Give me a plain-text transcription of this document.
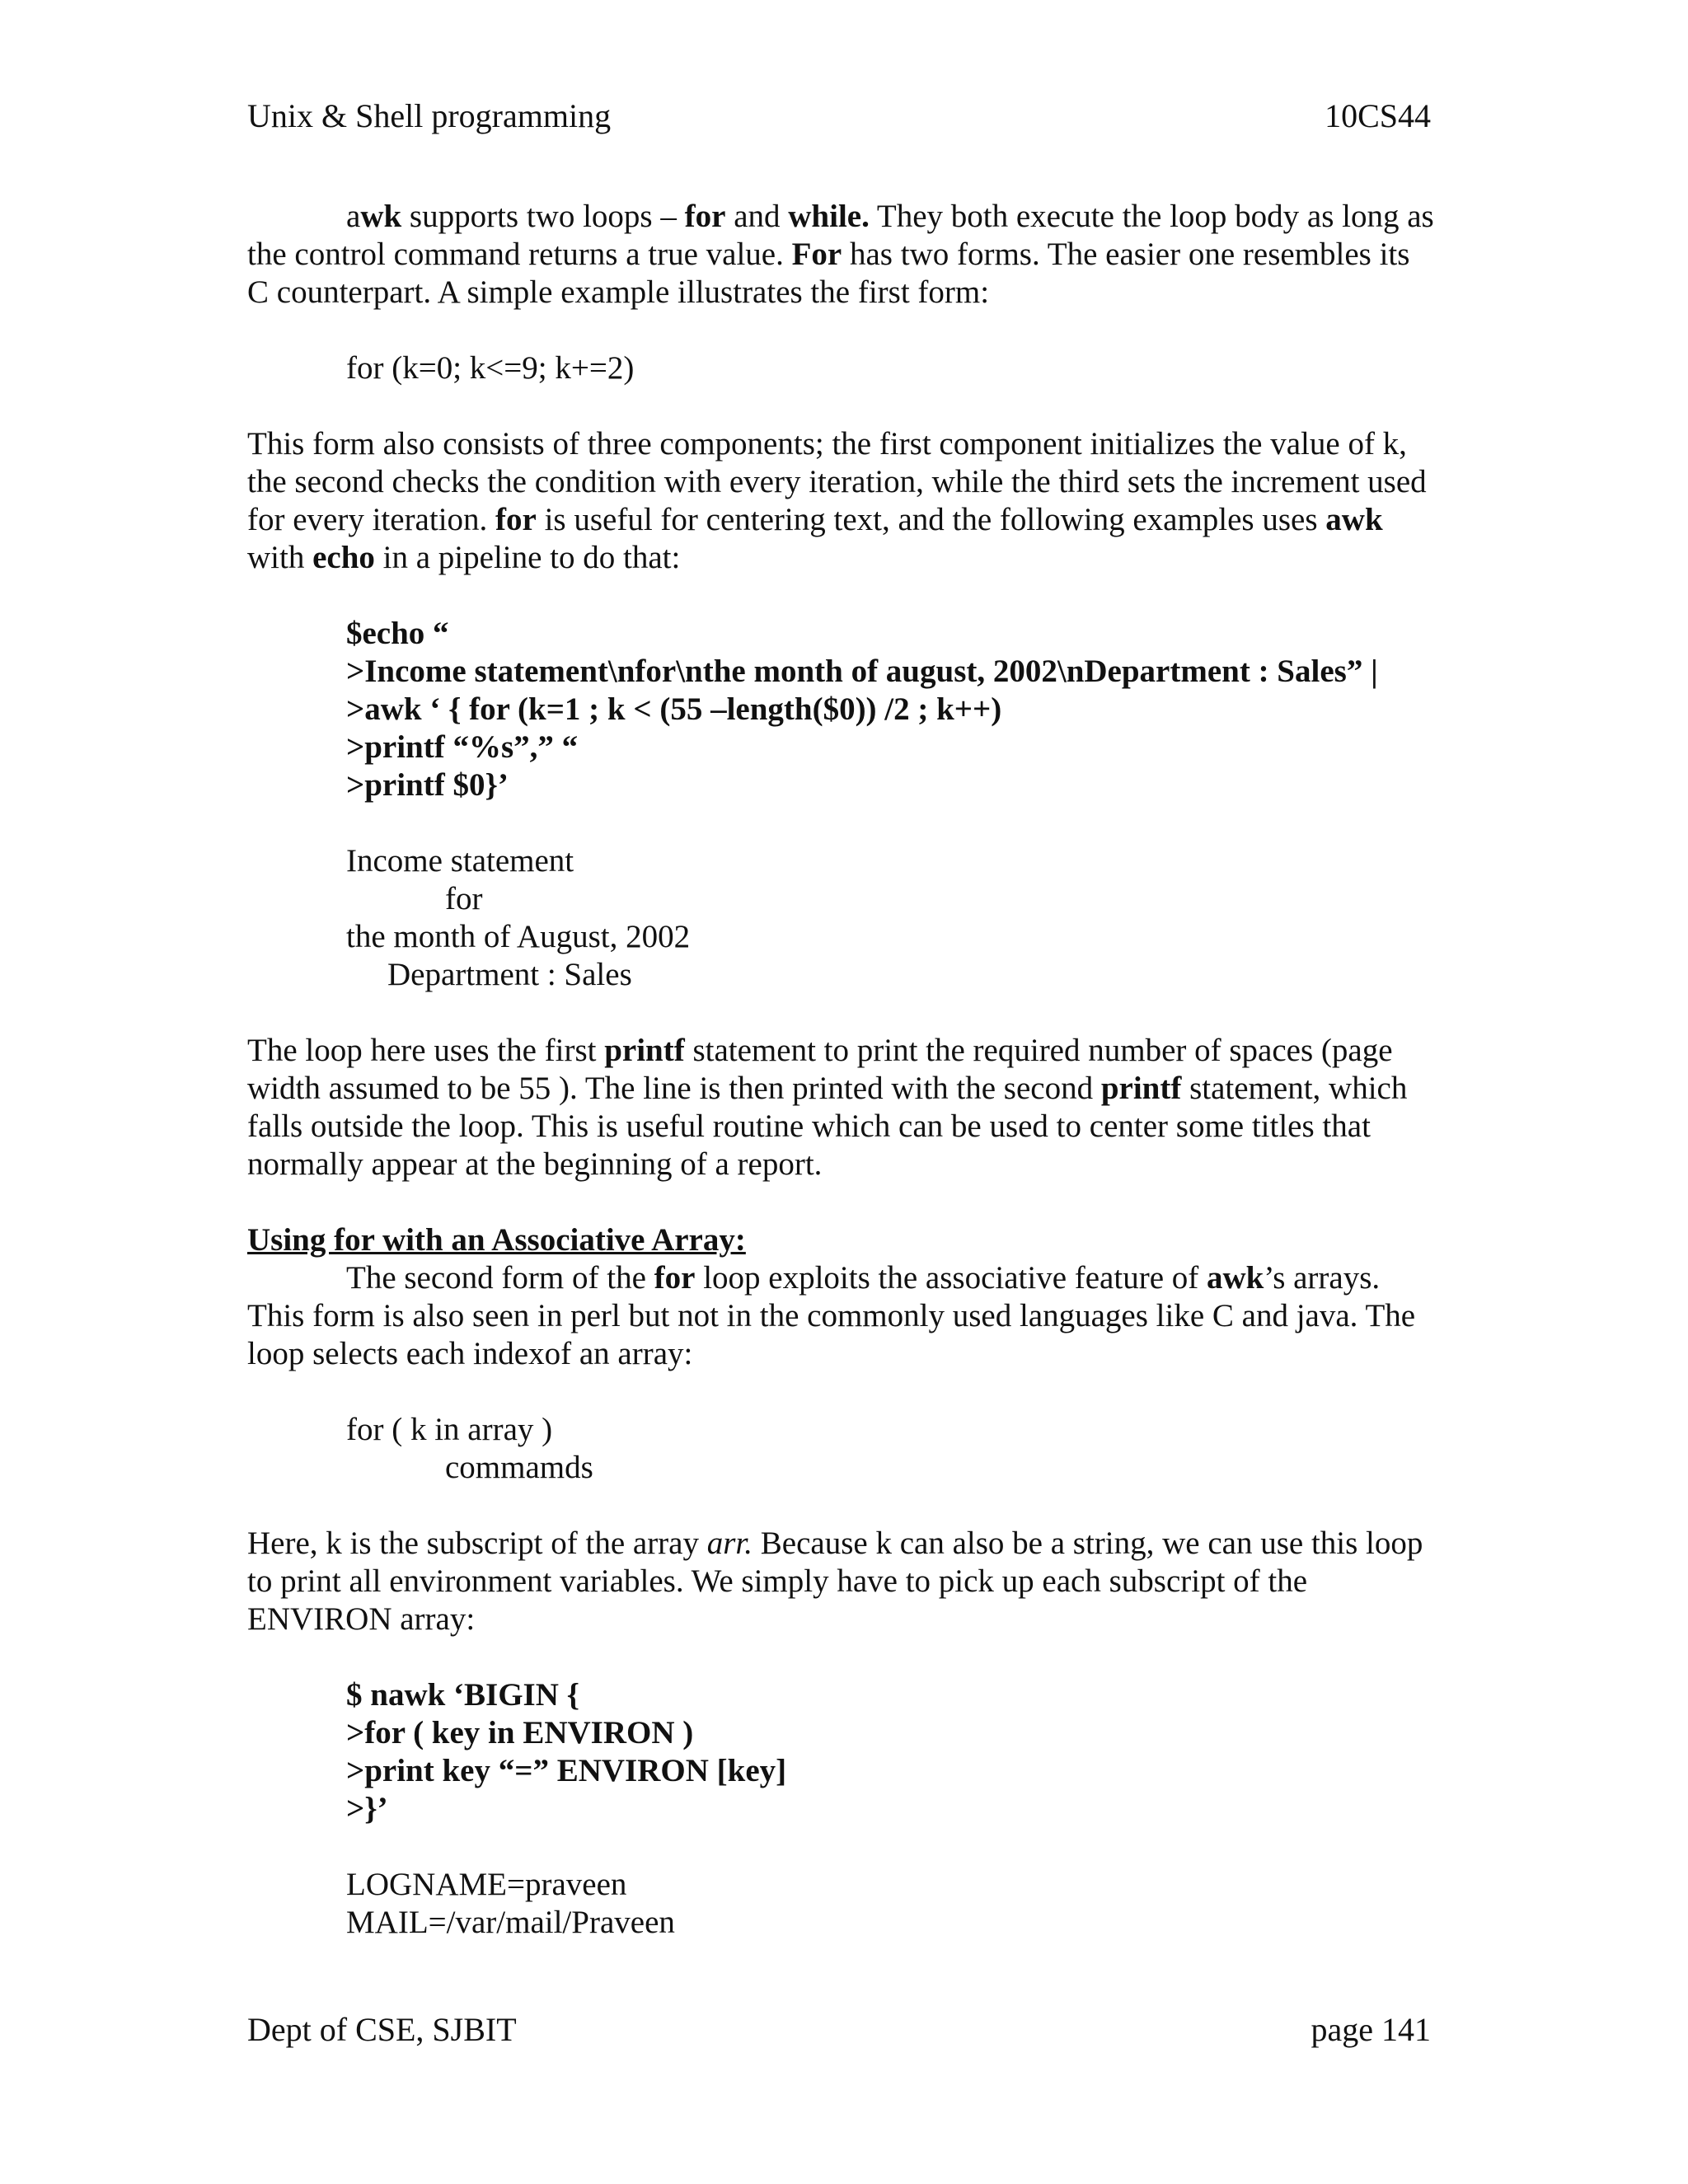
Unix & Shell programming	10CS44

awk supports two loops – for and while. They both execute the loop body as long as the control command returns a true value. For has two forms. The easier one resembles its C counterpart. A simple example illustrates the first form:

for (k=0; k<=9; k+=2)

This form also consists of three components; the first component initializes the value of k, the second checks the condition with every iteration, while the third sets the increment used for every iteration. for is useful for centering text, and the following examples uses awk with echo in a pipeline to do that:

$echo “

>Income statement\nfor\nthe month of august, 2002\nDepartment : Sales” |

>awk ‘ { for (k=1 ; k < (55 –length($0)) /2 ; k++)

>printf “%s”,” “

>printf $0}’

Income statement

for

the month of August, 2002

Department : Sales

The loop here uses the first printf statement to print the required number of spaces (page width assumed to be 55 ). The line is then printed with the second printf statement, which falls outside the loop. This is useful routine which can be used to center some titles that normally appear at the beginning of a report.

Using for with an Associative Array:

The second form of the for loop exploits the associative feature of awk’s arrays. This form is also seen in perl but not in the commonly used languages like C and java. The loop selects each indexof an array:

for ( k in array )

commamds

Here, k is the subscript of the array arr. Because k can also be a string, we can use this loop to print all environment variables. We simply have to pick up each subscript of the ENVIRON array:

$ nawk ‘BIGIN {

>for ( key in ENVIRON )

>print key “=” ENVIRON [key]

>}’

LOGNAME=praveen

MAIL=/var/mail/Praveen

Dept of CSE, SJBIT	page 141
